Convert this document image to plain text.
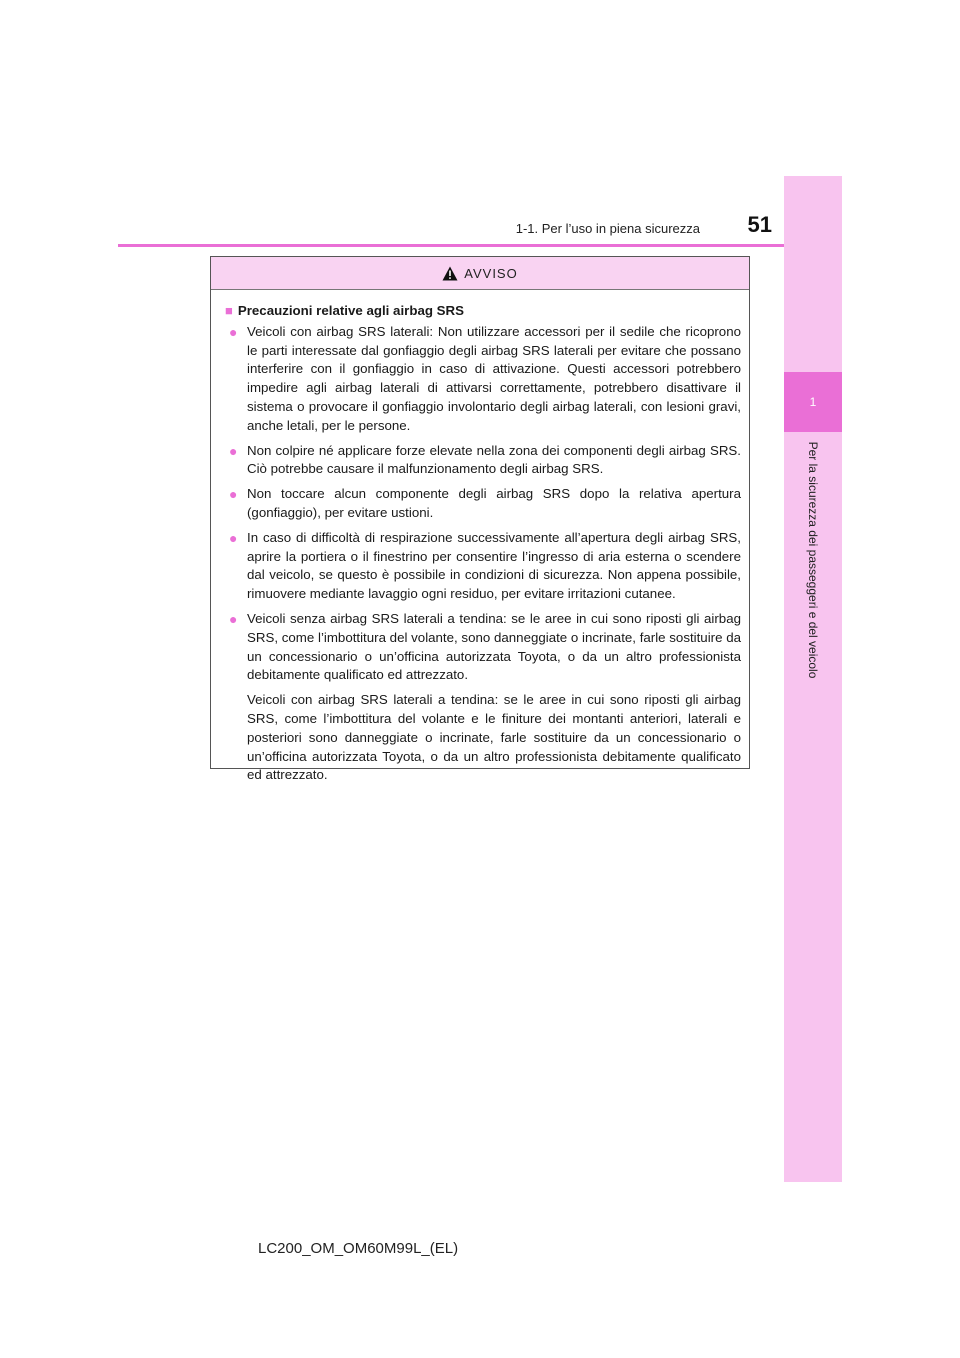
1
Per la sicurezza dei passeggeri e del veicolo
51
1-1. Per l’uso in piena sicurezza
AVVISO
■ Precauzioni relative agli airbag SRS
● Veicoli con airbag SRS laterali: Non utilizzare accessori per il sedile che ricoprono le parti interessate dal gonfiaggio degli airbag SRS laterali per evitare che possano interferire con il gonfiaggio in caso di attivazione. Questi accessori potrebbero impedire agli airbag laterali di attivarsi correttamente, potrebbero disattivare il sistema o provocare il gonfiaggio involontario degli airbag laterali, con lesioni gravi, anche letali, per le persone.

● Non colpire né applicare forze elevate nella zona dei componenti degli airbag SRS. Ciò potrebbe causare il malfunzionamento degli airbag SRS.

● Non toccare alcun componente degli airbag SRS dopo la relativa apertura (gonfiaggio), per evitare ustioni.

● In caso di difficoltà di respirazione successivamente all’apertura degli airbag SRS, aprire la portiera o il finestrino per consentire l’ingresso di aria esterna o scendere dal veicolo, se questo è possibile in condizioni di sicurezza. Non appena possibile, rimuovere mediante lavaggio ogni residuo, per evitare irritazioni cutanee.

● Veicoli senza airbag SRS laterali a tendina: se le aree in cui sono riposti gli airbag SRS, come l’imbottitura del volante, sono danneggiate o incrinate, farle sostituire da un concessionario o un’officina autorizzata Toyota, o da un altro professionista debitamente qualificato ed attrezzato.

Veicoli con airbag SRS laterali a tendina: se le aree in cui sono riposti gli airbag SRS, come l’imbottitura del volante e le finiture dei montanti anteriori, laterali e posteriori sono danneggiate o incrinate, farle sostituire da un concessionario o un’officina autorizzata Toyota, o da un altro professionista debitamente qualificato ed attrezzato.

LC200_OM_OM60M99L_(EL)
